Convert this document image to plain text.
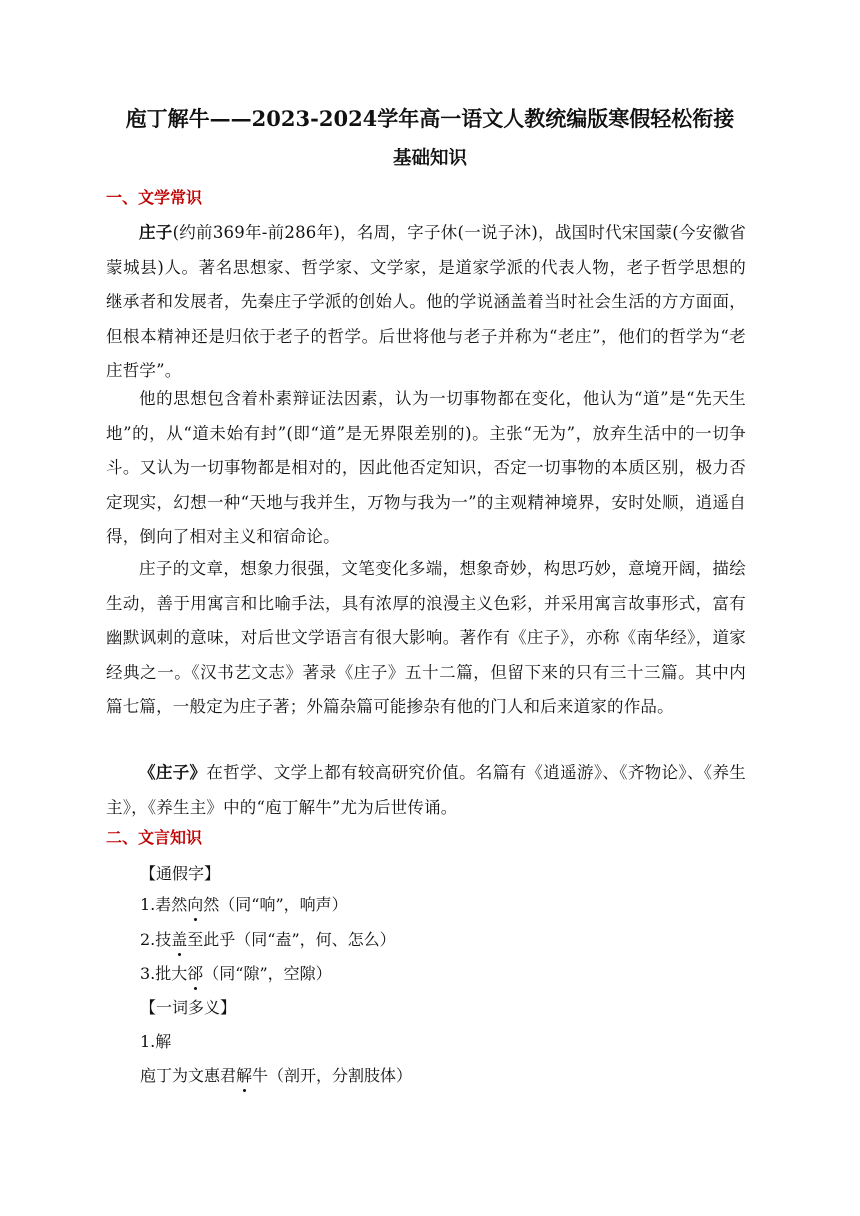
庖丁解牛——2023-2024学年高一语文人教统编版寒假轻松衔接
基础知识
一、文学常识
庄子(约前369年-前286年)，名周，字子休(一说子沐)，战国时代宋国蒙(今安徽省蒙城县)人。著名思想家、哲学家、文学家，是道家学派的代表人物，老子哲学思想的继承者和发展者，先秦庄子学派的创始人。他的学说涵盖着当时社会生活的方方面面，但根本精神还是归依于老子的哲学。后世将他与老子并称为“老庄”，他们的哲学为“老庄哲学”。
他的思想包含着朴素辩证法因素，认为一切事物都在变化，他认为“道”是“先天生地”的，从“道未始有封”(即“道”是无界限差别的)。主张“无为”，放弃生活中的一切争斗。又认为一切事物都是相对的，因此他否定知识，否定一切事物的本质区别，极力否定现实，幻想一种“天地与我并生，万物与我为一”的主观精神境界，安时处顺，逍遥自得，倒向了相对主义和宿命论。
庄子的文章，想象力很强，文笔变化多端，想象奇妙，构思巧妙，意境开阔，描绘生动，善于用寓言和比喻手法，具有浓厚的浪漫主义色彩，并采用寓言故事形式，富有幽默讽刺的意味，对后世文学语言有很大影响。著作有《庄子》，亦称《南华经》，道家经典之一。《汉书艺文志》著录《庄子》五十二篇，但留下来的只有三十三篇。其中内篇七篇，一般定为庄子著；外篇杂篇可能掺杂有他的门人和后来道家的作品。
《庄子》在哲学、文学上都有较高研究价值。名篇有《逍遥游》、《齐物论》、《养生主》，《养生主》中的“庖丁解牛”尤为后世传诵。
二、文言知识
【通假字】
1.砉然向然（同“响”，响声）
2.技盖至此乎（同“盍”，何、怎么）
3.批大郤（同“隙”，空隙）
【一词多义】
1.解
庖丁为文惠君解牛（剖开，分割肢体）
